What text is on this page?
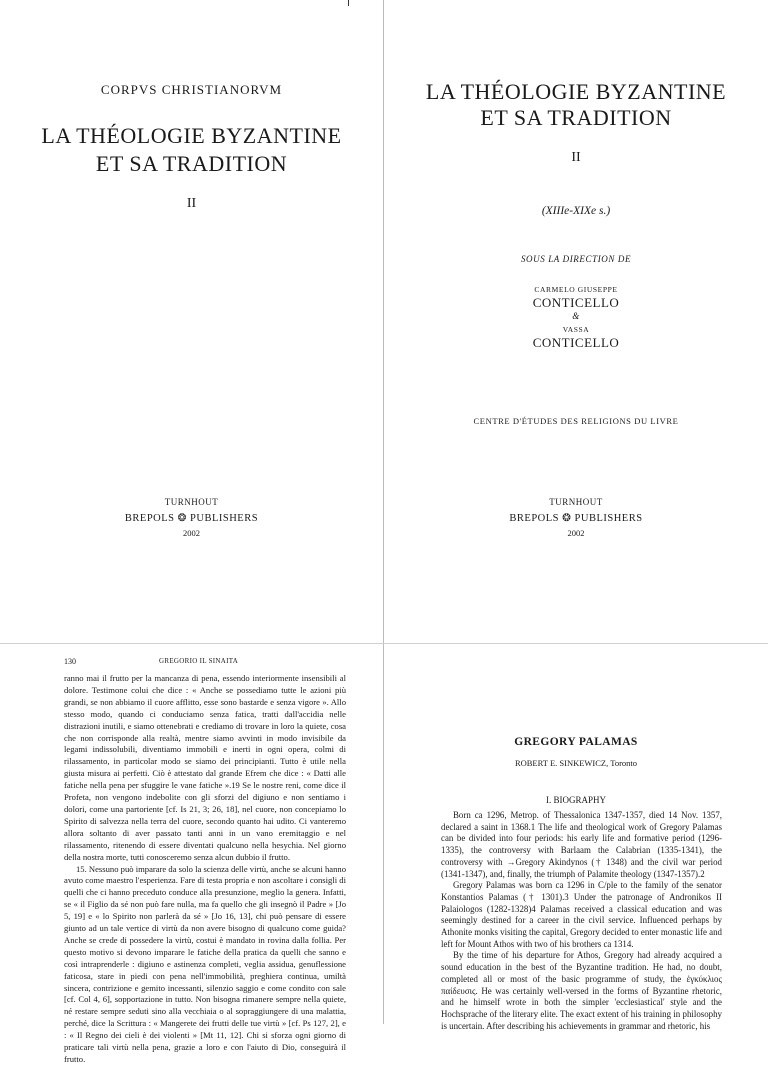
CORPVS CHRISTIANORVM
LA THÉOLOGIE BYZANTINE
ET SA TRADITION
II
TURNHOUT
BREPOLS ❂ PUBLISHERS
2002
LA THÉOLOGIE BYZANTINE
ET SA TRADITION
II
(XIIIe-XIXe s.)
SOUS LA DIRECTION DE
CARMELO GIUSEPPE
CONTICELLO
&
VASSA
CONTICELLO
CENTRE D'ÉTUDES DES RELIGIONS DU LIVRE
TURNHOUT
BREPOLS ❂ PUBLISHERS
2002
130	GREGORIO IL SINAITA

ranno mai il frutto per la mancanza di pena, essendo interiormente insensibili al dolore. Testimone colui che dice : « Anche se possediamo tutte le azioni più grandi, se non abbiamo il cuore afflitto, esse sono bastarde e senza vigore ». Allo stesso modo, quando ci conduciamo senza fatica, tratti dall'accidia nelle distrazioni inutili, e siamo ottenebrati e crediamo di trovare in loro la quiete, cosa che non corrisponde alla realtà, mentre siamo avvinti in modo invisibile da legami indissolubili, diventiamo immobili e inerti in ogni opera, colmi di rilassamento, in particolar modo se siamo dei principianti. Tutto è utile nella giusta misura ai perfetti. Ciò è attestato dal grande Efrem che dice : « Datti alle fatiche nella pena per sfuggire le vane fatiche ».19 Se le nostre reni, come dice il Profeta, non vengono indebolite con gli sforzi del digiuno e non sentiamo i dolori, come una partoriente [cf. Is 21, 3; 26, 18], nel cuore, non concepiamo lo Spirito di salvezza nella terra del cuore, secondo quanto hai udito. Ci vanteremo allora soltanto di aver passato tanti anni in un vano eremitaggio e nel rilassamento, ritenendo di essere diventati qualcuno nella hesychia. Nel giorno della nostra morte, tutti conosceremo senza alcun dubbio il frutto.

15. Nessuno può imparare da solo la scienza delle virtù, anche se alcuni hanno avuto come maestro l'esperienza. Fare di testa propria e non ascoltare i consigli di quelli che ci hanno preceduto conduce alla presunzione, meglio la genera. Infatti, se « il Figlio da sé non può fare nulla, ma fa quello che gli insegnò il Padre » [Jo 5, 19] e « lo Spirito non parlerà da sé » [Jo 16, 13], chi può pensare di essere giunto ad un tale vertice di virtù da non avere bisogno di qualcuno come guida? Anche se crede di possedere la virtù, costui è mandato in rovina dalla follia. Per questo motivo si devono imparare le fatiche della pratica da quelli che sanno e così intraprenderle : digiuno e astinenza completi, veglia assidua, genuflessione faticosa, stare in piedi con pena nell'immobilità, preghiera continua, umiltà sincera, contrizione e gemito incessanti, silenzio saggio e come condito con sale [cf. Col 4, 6], sopportazione in tutto. Non bisogna rimanere sempre nella quiete, né restare sempre seduti sino alla vecchiaia o al sopraggiungere di una malattia, perché, dice la Scrittura : « Mangerete dei frutti delle tue virtù » [cf. Ps 127, 2], e : « Il Regno dei cieli è dei violenti » [Mt 11, 12]. Chi si sforza ogni giorno di praticare tali virtù nella pena, grazie a loro e con l'aiuto di Dio, conseguirà il frutto.

GREGORY PALAMAS
ROBERT E. SINKEWICZ, Toronto
I. BIOGRAPHY

Born ca 1296, Metrop. of Thessalonica 1347-1357, died 14 Nov. 1357, declared a saint in 1368.1 The life and theological work of Gregory Palamas can be divided into four periods: his early life and formative period (1296-1335), the controversy with Barlaam the Calabrian (1335-1341), the controversy with →Gregory Akindynos († 1348) and the civil war period (1341-1347), and, finally, the triumph of Palamite theology (1347-1357).2

Gregory Palamas was born ca 1296 in C/ple to the family of the senator Konstantios Palamas († 1301).3 Under the patronage of Andronikos II Palaiologos (1282-1328)4 Palamas received a classical education and was seemingly destined for a career in the civil service. Influenced perhaps by Athonite monks visiting the capital, Gregory decided to enter monastic life and left for Mount Athos with two of his brothers ca 1314.

By the time of his departure for Athos, Gregory had already acquired a sound education in the best of the Byzantine tradition. He had, no doubt, completed all or most of the basic programme of study, the ἐγκύκλιος παίδευσις. He was certainly well-versed in the forms of Byzantine rhetoric, and he himself wrote in both the simpler 'ecclesiastical' style and the Hochsprache of the literary elite. The exact extent of his training in philosophy is uncertain. After describing his achievements in grammar and rhetoric, his
